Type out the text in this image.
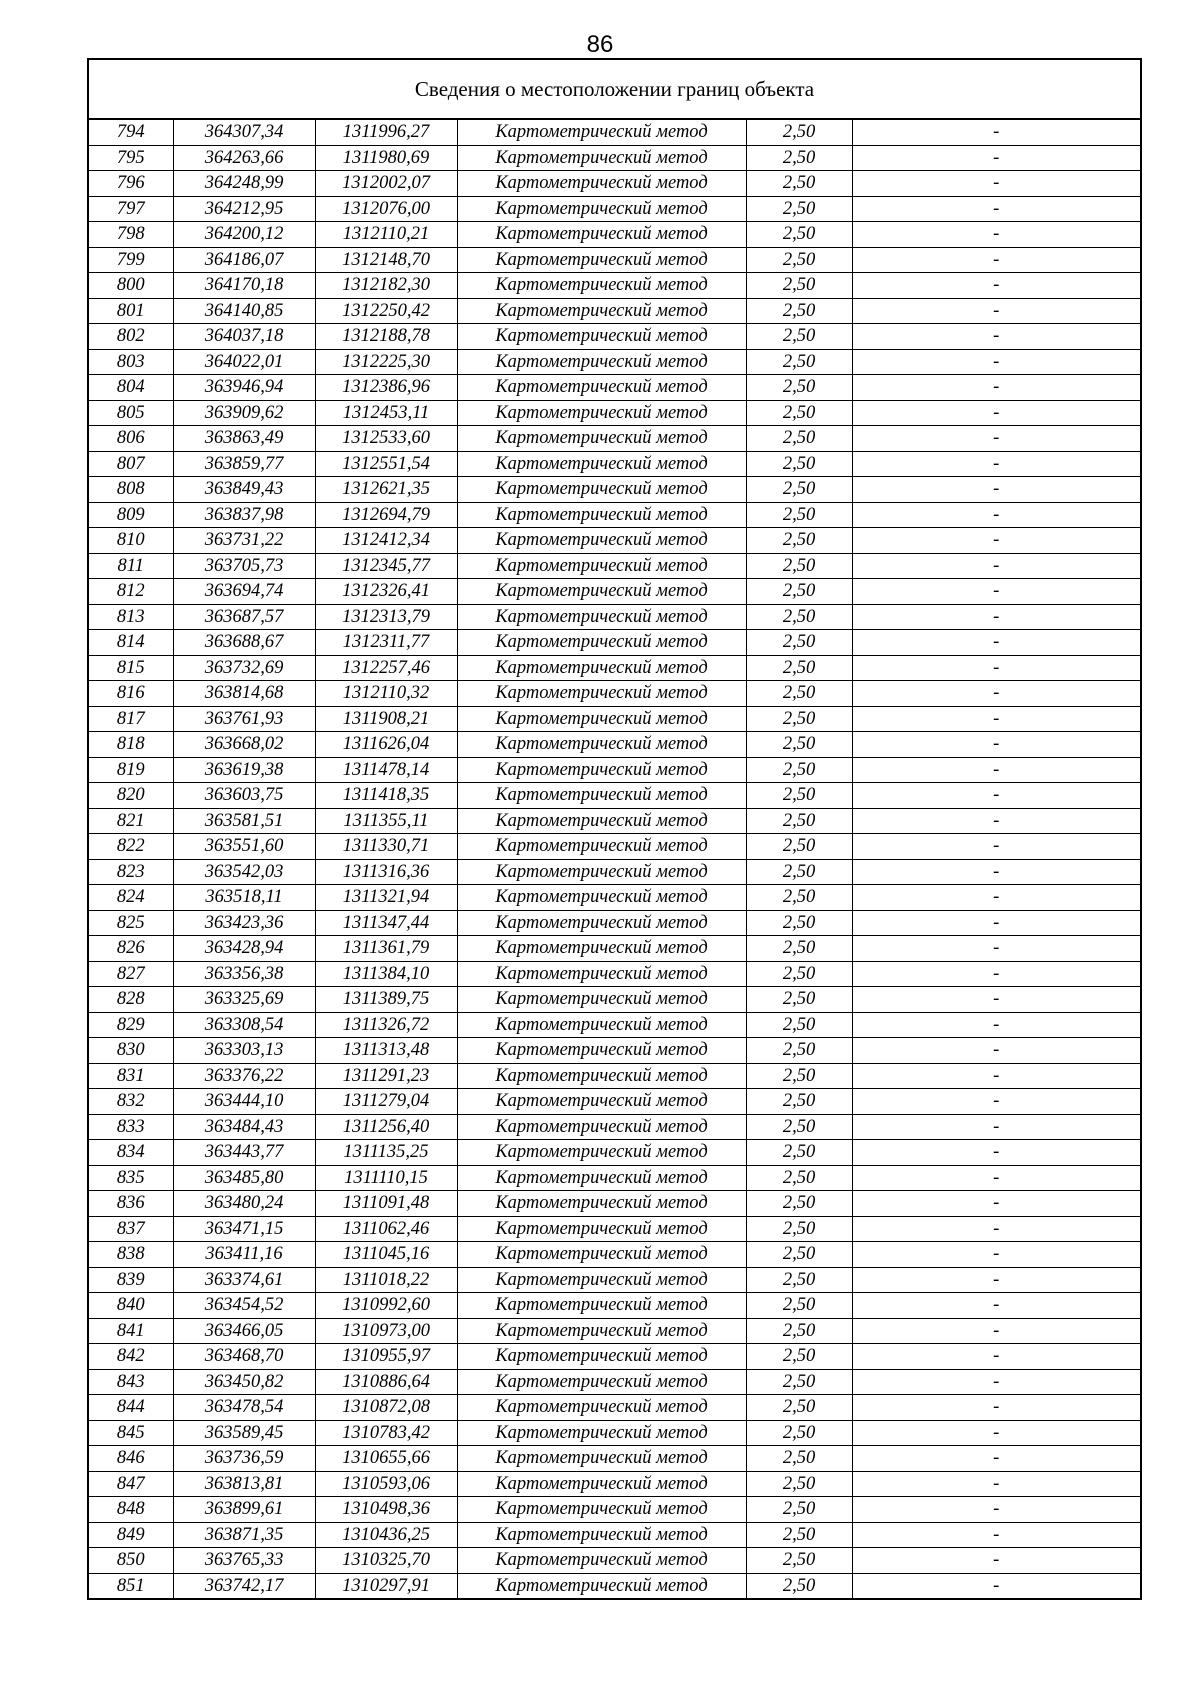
86
Сведения о местоположении границ объекта
794	364307,34	1311996,27	Картометрический метод	2,50	-
795	364263,66	1311980,69	Картометрический метод	2,50	-
796	364248,99	1312002,07	Картометрический метод	2,50	-
797	364212,95	1312076,00	Картометрический метод	2,50	-
798	364200,12	1312110,21	Картометрический метод	2,50	-
799	364186,07	1312148,70	Картометрический метод	2,50	-
800	364170,18	1312182,30	Картометрический метод	2,50	-
801	364140,85	1312250,42	Картометрический метод	2,50	-
802	364037,18	1312188,78	Картометрический метод	2,50	-
803	364022,01	1312225,30	Картометрический метод	2,50	-
804	363946,94	1312386,96	Картометрический метод	2,50	-
805	363909,62	1312453,11	Картометрический метод	2,50	-
806	363863,49	1312533,60	Картометрический метод	2,50	-
807	363859,77	1312551,54	Картометрический метод	2,50	-
808	363849,43	1312621,35	Картометрический метод	2,50	-
809	363837,98	1312694,79	Картометрический метод	2,50	-
810	363731,22	1312412,34	Картометрический метод	2,50	-
811	363705,73	1312345,77	Картометрический метод	2,50	-
812	363694,74	1312326,41	Картометрический метод	2,50	-
813	363687,57	1312313,79	Картометрический метод	2,50	-
814	363688,67	1312311,77	Картометрический метод	2,50	-
815	363732,69	1312257,46	Картометрический метод	2,50	-
816	363814,68	1312110,32	Картометрический метод	2,50	-
817	363761,93	1311908,21	Картометрический метод	2,50	-
818	363668,02	1311626,04	Картометрический метод	2,50	-
819	363619,38	1311478,14	Картометрический метод	2,50	-
820	363603,75	1311418,35	Картометрический метод	2,50	-
821	363581,51	1311355,11	Картометрический метод	2,50	-
822	363551,60	1311330,71	Картометрический метод	2,50	-
823	363542,03	1311316,36	Картометрический метод	2,50	-
824	363518,11	1311321,94	Картометрический метод	2,50	-
825	363423,36	1311347,44	Картометрический метод	2,50	-
826	363428,94	1311361,79	Картометрический метод	2,50	-
827	363356,38	1311384,10	Картометрический метод	2,50	-
828	363325,69	1311389,75	Картометрический метод	2,50	-
829	363308,54	1311326,72	Картометрический метод	2,50	-
830	363303,13	1311313,48	Картометрический метод	2,50	-
831	363376,22	1311291,23	Картометрический метод	2,50	-
832	363444,10	1311279,04	Картометрический метод	2,50	-
833	363484,43	1311256,40	Картометрический метод	2,50	-
834	363443,77	1311135,25	Картометрический метод	2,50	-
835	363485,80	1311110,15	Картометрический метод	2,50	-
836	363480,24	1311091,48	Картометрический метод	2,50	-
837	363471,15	1311062,46	Картометрический метод	2,50	-
838	363411,16	1311045,16	Картометрический метод	2,50	-
839	363374,61	1311018,22	Картометрический метод	2,50	-
840	363454,52	1310992,60	Картометрический метод	2,50	-
841	363466,05	1310973,00	Картометрический метод	2,50	-
842	363468,70	1310955,97	Картометрический метод	2,50	-
843	363450,82	1310886,64	Картометрический метод	2,50	-
844	363478,54	1310872,08	Картометрический метод	2,50	-
845	363589,45	1310783,42	Картометрический метод	2,50	-
846	363736,59	1310655,66	Картометрический метод	2,50	-
847	363813,81	1310593,06	Картометрический метод	2,50	-
848	363899,61	1310498,36	Картометрический метод	2,50	-
849	363871,35	1310436,25	Картометрический метод	2,50	-
850	363765,33	1310325,70	Картометрический метод	2,50	-
851	363742,17	1310297,91	Картометрический метод	2,50	-
